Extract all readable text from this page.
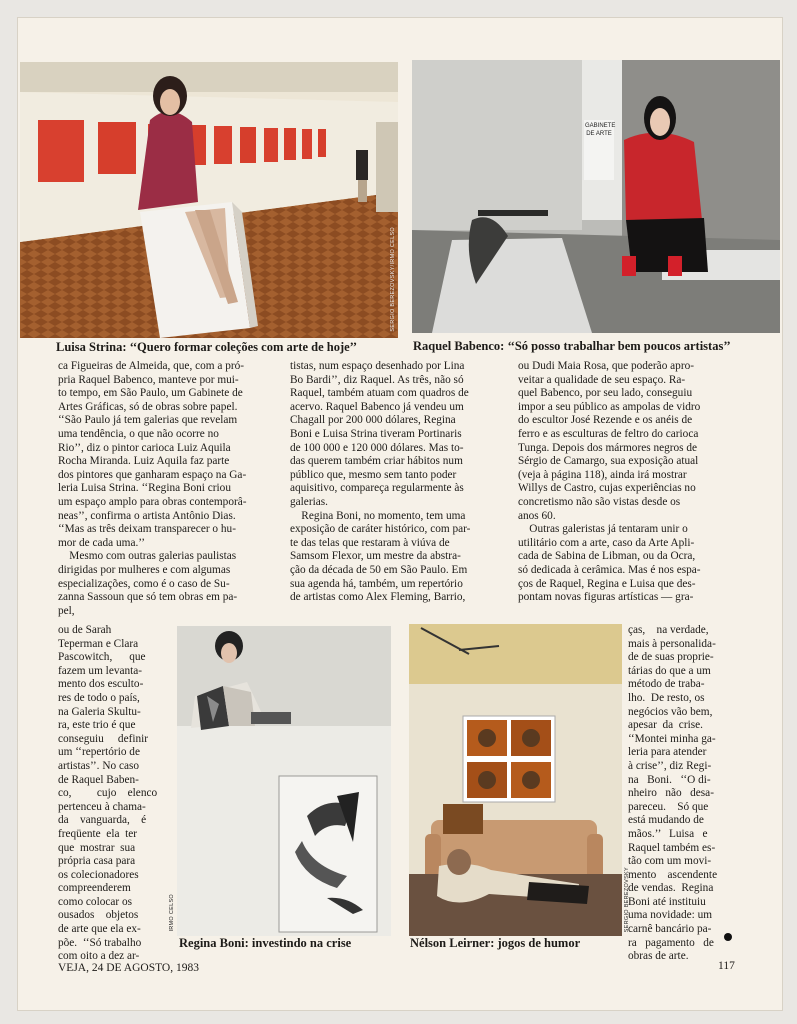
SERGIO BEREZOVSKY/IRMO CELSO
GABINETE DE ARTE
Luisa Strina: ‘‘Quero formar coleções com arte de hoje’’	Raquel Babenco: ‘‘Só posso trabalhar bem poucos artistas’’
ca Figueiras de Almeida, que, com a pró-
pria Raquel Babenco, manteve por mui-
to tempo, em São Paulo, um Gabinete de
Artes Gráficas, só de obras sobre papel.
‘‘São Paulo já tem galerias que revelam
uma tendência, o que não ocorre no
Rio’’, diz o pintor carioca Luiz Aquila
Rocha Miranda. Luiz Aquila faz parte
dos pintores que ganharam espaço na Ga-
leria Luisa Strina. ‘‘Regina Boni criou
um espaço amplo para obras contemporâ-
neas’’, confirma o artista Antônio Dias.
‘‘Mas as três deixam transparecer o hu-
mor de cada uma.’’
Mesmo com outras galerias paulistas
dirigidas por mulheres e com algumas
especializações, como é o caso de Su-
zanna Sassoun que só tem obras em pa-
pel,
ou de Sarah
Teperman e Clara
Pascowitch,      que
fazem um levanta-
mento dos esculto-
res de todo o país,
na Galeria Skultu-
ra, este trio é que
conseguiu     definir
um ‘‘repertório de
artistas’’. No caso
de Raquel Baben-
co,         cujo    elenco
pertenceu à chama-
da    vanguarda,    é
freqüente  ela  ter
que  mostrar  sua
própria casa para
os colecionadores
compreenderem
como colocar os
ousados    objetos
de arte que ela ex-
põe.  ‘‘Só trabalho
com oito a dez ar-
tistas, num espaço desenhado por Lina
Bo Bardi’’, diz Raquel. As três, não só
Raquel, também atuam com quadros de
acervo. Raquel Babenco já vendeu um
Chagall por 200 000 dólares, Regina
Boni e Luisa Strina tiveram Portinaris
de 100 000 e 120 000 dólares. Mas to-
das querem também criar hábitos num
público que, mesmo sem tanto poder
aquisitivo, compareça regularmente às
galerias.
Regina Boni, no momento, tem uma
exposição de caráter histórico, com par-
te das telas que restaram à viúva de
Samsom Flexor, um mestre da abstra-
ção da década de 50 em São Paulo. Em
sua agenda há, também, um repertório
de artistas como Alex Fleming, Barrio,
ou Dudi Maia Rosa, que poderão apro-
veitar a qualidade de seu espaço. Ra-
quel Babenco, por seu lado, conseguiu
impor a seu público as ampolas de vidro
do escultor José Rezende e os anéis de
ferro e as esculturas de feltro do carioca
Tunga. Depois dos mármores negros de
Sérgio de Camargo, sua exposição atual
(veja à página 118), ainda irá mostrar
Willys de Castro, cujas experiências no
concretismo não são vistas desde os
anos 60.
Outras galeristas já tentaram unir o
utilitário com a arte, caso da Arte Apli-
cada de Sabina de Libman, ou da Ocra,
só dedicada à cerâmica. Mas é nos espa-
ços de Raquel, Regina e Luisa que des-
pontam novas figuras artísticas — gra-
ças,    na verdade,
mais à personalida-
de de suas proprie-
tárias do que a um
método de traba-
lho.  De resto, os
negócios vão bem,
apesar  da  crise.
‘‘Montei minha ga-
leria para atender
à crise’’, diz Regi-
na   Boni.   ‘‘O di-
nheiro   não   desa-
pareceu.    Só que
está mudando de
mãos.’’   Luisa   e
Raquel também es-
tão com um movi-
mento    ascendente
de vendas.  Regina
Boni até instituiu
uma novidade: um
carnê bancário pa-
ra   pagamento   de
obras de arte.
IRMO CELSO	SERGIO BEREZOVSKY
Regina Boni: investindo na crise	Nélson Leirner: jogos de humor
VEJA, 24 DE AGOSTO, 1983	117
